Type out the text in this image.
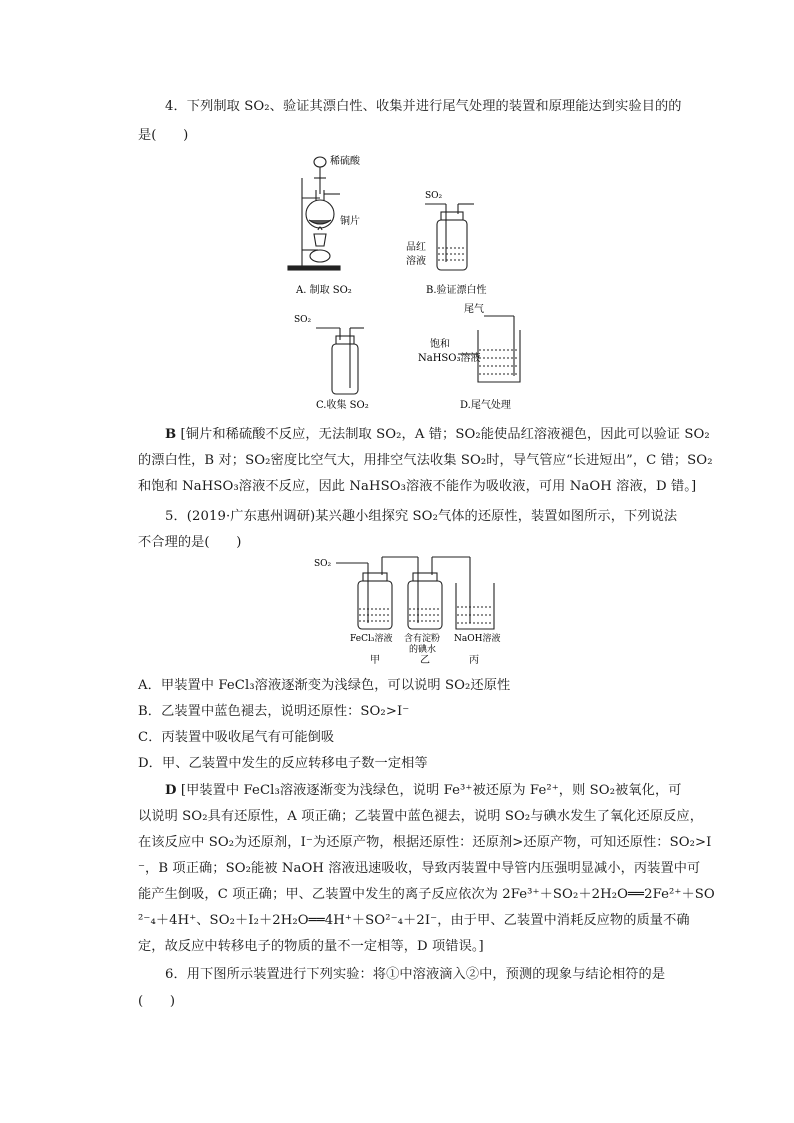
4．下列制取 SO₂、验证其漂白性、收集并进行尾气处理的装置和原理能达到实验目的的
是(　　)
稀硫酸
铜片
SO₂
品红
溶液
SO₂
尾气
饱和
NaHSO₃溶液
A. 制取 SO₂	B.验证漂白性
C.收集 SO₂	D.尾气处理
B [铜片和稀硫酸不反应，无法制取 SO₂，A 错；SO₂能使品红溶液褪色，因此可以验证 SO₂
的漂白性，B 对；SO₂密度比空气大，用排空气法收集 SO₂时，导气管应“长进短出”，C 错；SO₂
和饱和 NaHSO₃溶液不反应，因此 NaHSO₃溶液不能作为吸收液，可用 NaOH 溶液，D 错。]
5．(2019·广东惠州调研)某兴趣小组探究 SO₂气体的还原性，装置如图所示，下列说法
不合理的是(　　)
SO₂
FeCl₃溶液 含有淀粉
的碘水
NaOH溶液
甲	乙	丙
A．甲装置中 FeCl₃溶液逐渐变为浅绿色，可以说明 SO₂还原性
B．乙装置中蓝色褪去，说明还原性：SO₂>I⁻
C．丙装置中吸收尾气有可能倒吸
D．甲、乙装置中发生的反应转移电子数一定相等
D [甲装置中 FeCl₃溶液逐渐变为浅绿色，说明 Fe³⁺被还原为 Fe²⁺，则 SO₂被氧化，可
以说明 SO₂具有还原性，A 项正确；乙装置中蓝色褪去，说明 SO₂与碘水发生了氧化还原反应，
在该反应中 SO₂为还原剂，I⁻为还原产物，根据还原性：还原剂>还原产物，可知还原性：SO₂>I
⁻，B 项正确；SO₂能被 NaOH 溶液迅速吸收，导致丙装置中导管内压强明显减小，丙装置中可
能产生倒吸，C 项正确；甲、乙装置中发生的离子反应依次为 2Fe³⁺＋SO₂＋2H₂O══2Fe²⁺＋SO
²⁻₄＋4H⁺、SO₂＋I₂＋2H₂O══4H⁺＋SO²⁻₄＋2I⁻，由于甲、乙装置中消耗反应物的质量不确
定，故反应中转移电子的物质的量不一定相等，D 项错误。]
6．用下图所示装置进行下列实验：将①中溶液滴入②中，预测的现象与结论相符的是
(　　)
